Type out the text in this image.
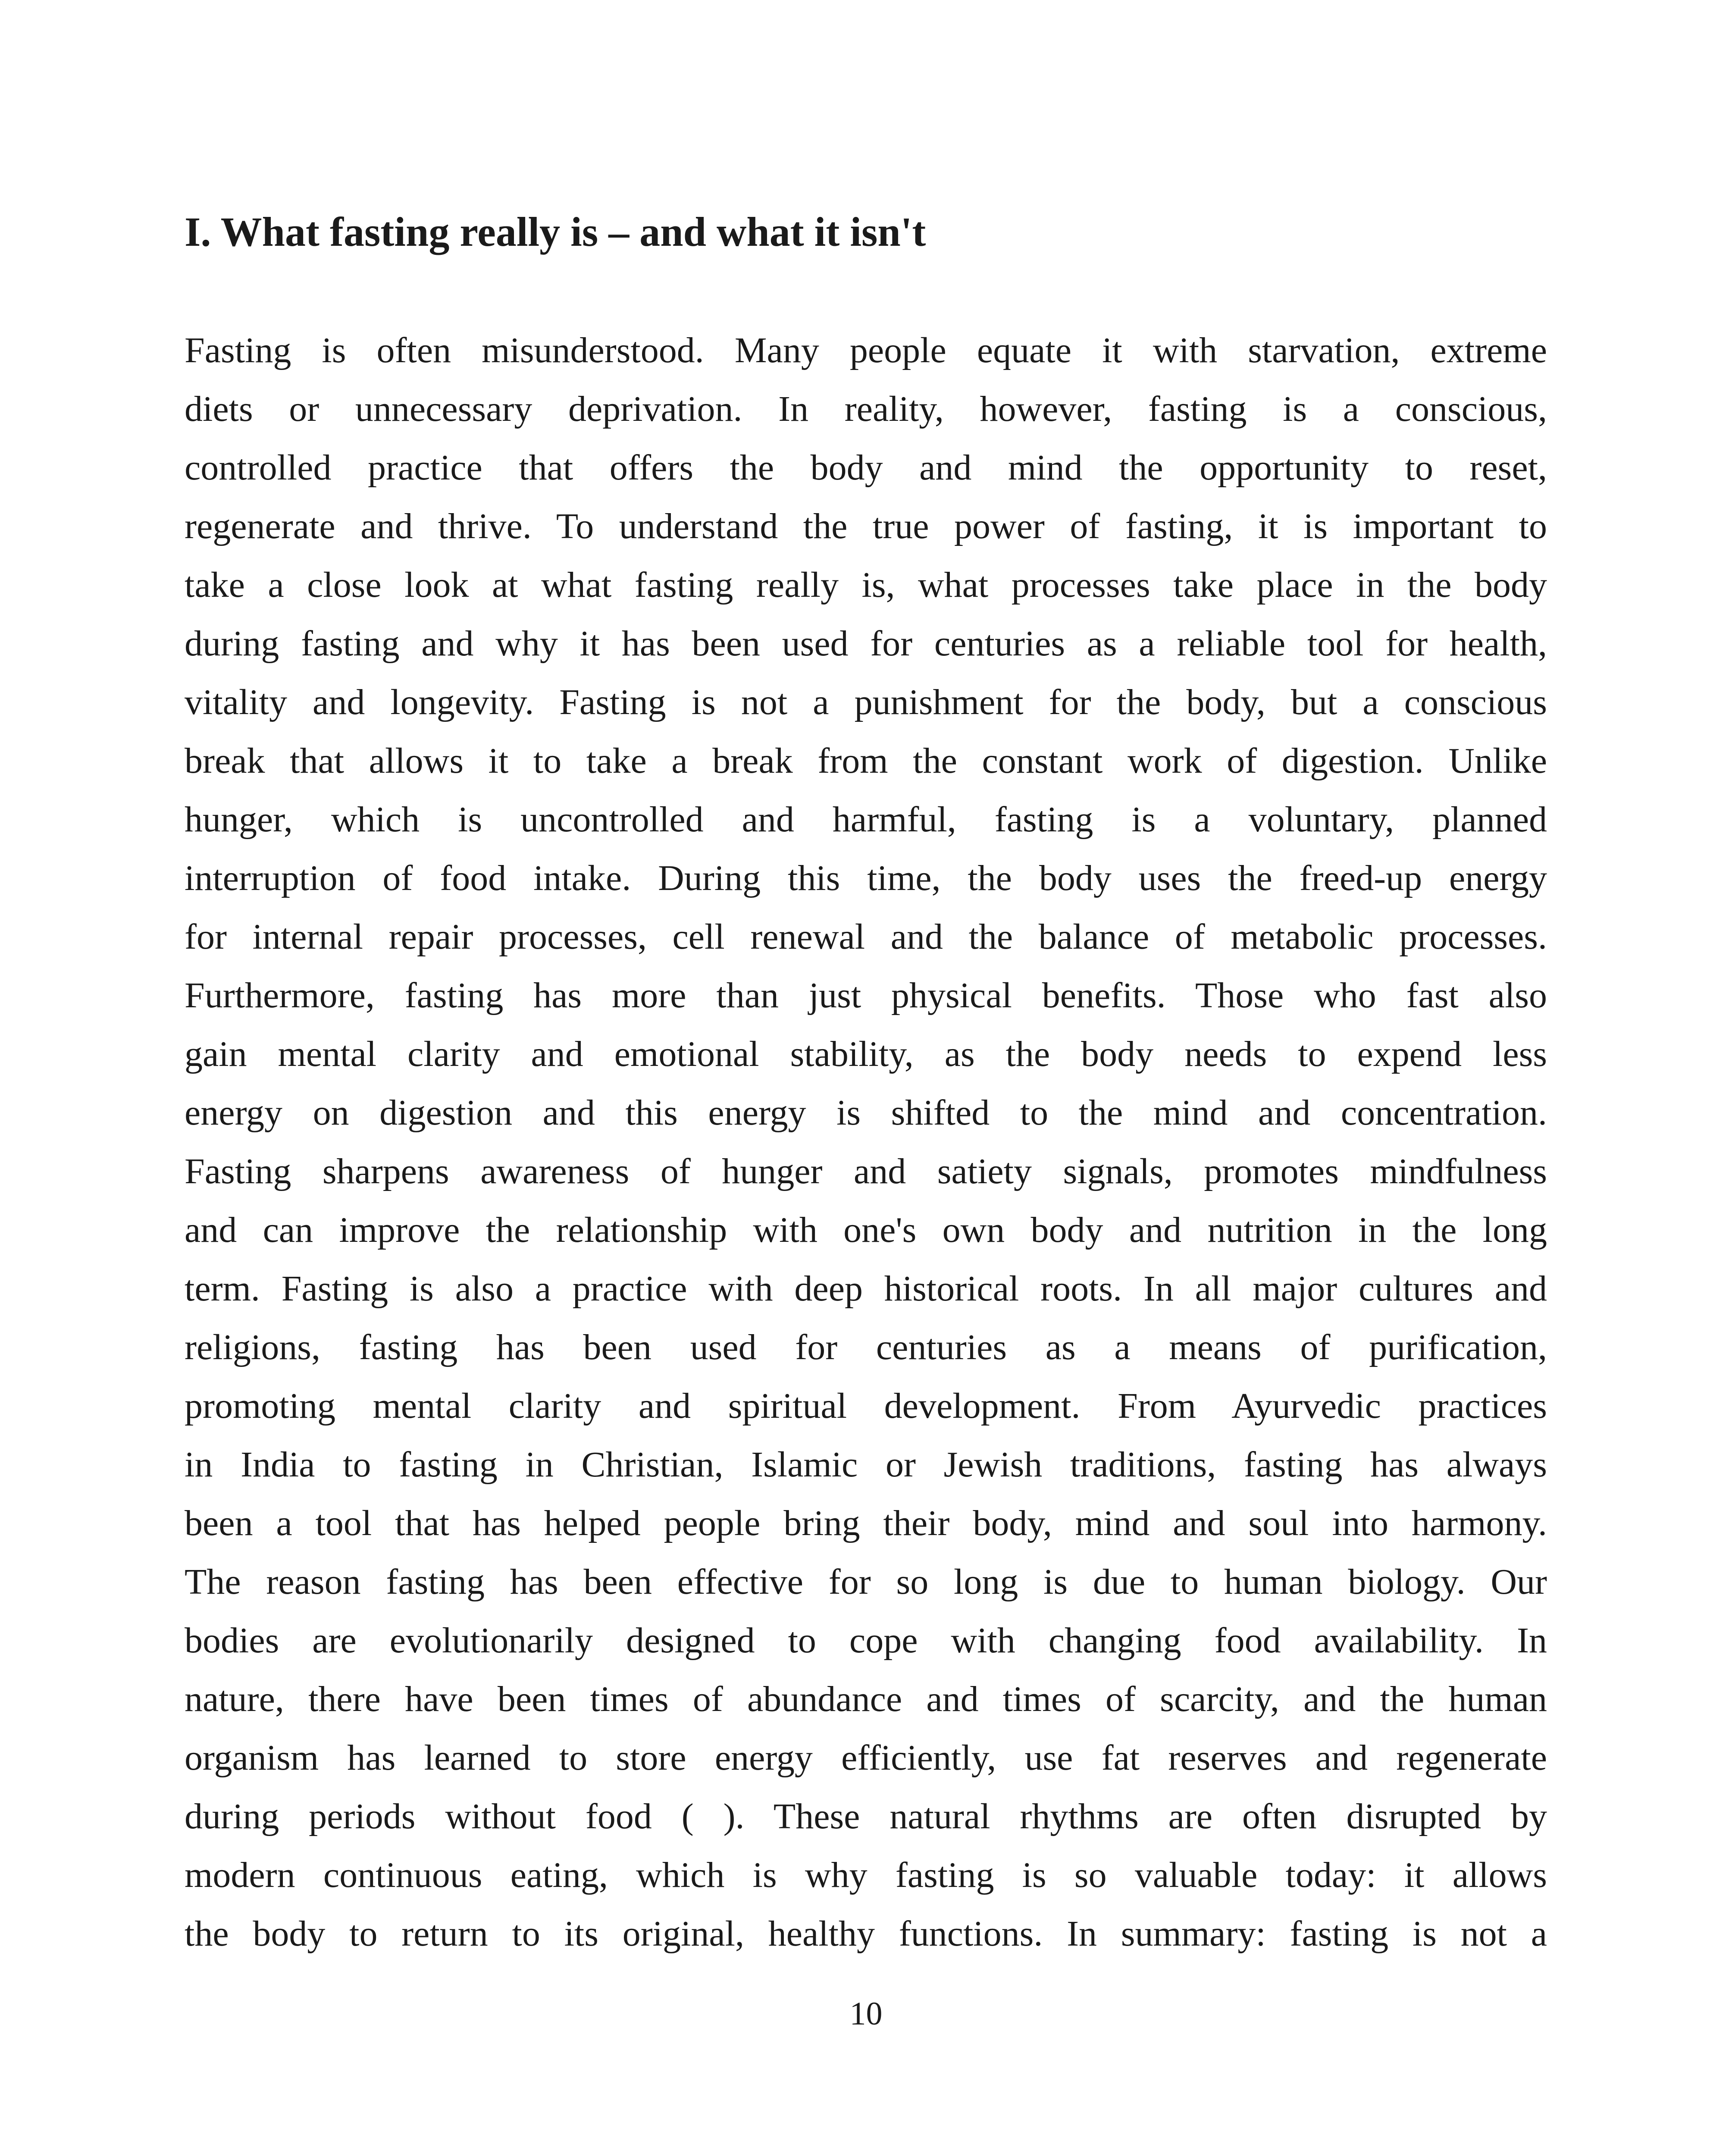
I. What fasting really is – and what it isn't
Fasting is often misunderstood. Many people equate it with starvation, extreme
diets or unnecessary deprivation. In reality, however, fasting is a conscious,
controlled practice that offers the body and mind the opportunity to reset,
regenerate and thrive. To understand the true power of fasting, it is important to
take a close look at what fasting really is, what processes take place in the body
during fasting and why it has been used for centuries as a reliable tool for health,
vitality and longevity. Fasting is not a punishment for the body, but a conscious
break that allows it to take a break from the constant work of digestion. Unlike
hunger, which is uncontrolled and harmful, fasting is a voluntary, planned
interruption of food intake. During this time, the body uses the freed-up energy
for internal repair processes, cell renewal and the balance of metabolic processes.
Furthermore, fasting has more than just physical benefits. Those who fast also
gain mental clarity and emotional stability, as the body needs to expend less
energy on digestion and this energy is shifted to the mind and concentration.
Fasting sharpens awareness of hunger and satiety signals, promotes mindfulness
and can improve the relationship with one's own body and nutrition in the long
term. Fasting is also a practice with deep historical roots. In all major cultures and
religions, fasting has been used for centuries as a means of purification,
promoting mental clarity and spiritual development. From Ayurvedic practices
in India to fasting in Christian, Islamic or Jewish traditions, fasting has always
been a tool that has helped people bring their body, mind and soul into harmony.
The reason fasting has been effective for so long is due to human biology. Our
bodies are evolutionarily designed to cope with changing food availability. In
nature, there have been times of abundance and times of scarcity, and the human
organism has learned to store energy efficiently, use fat reserves and regenerate
during periods without food ( ). These natural rhythms are often disrupted by
modern continuous eating, which is why fasting is so valuable today: it allows
the body to return to its original, healthy functions. In summary: fasting is not a
10
